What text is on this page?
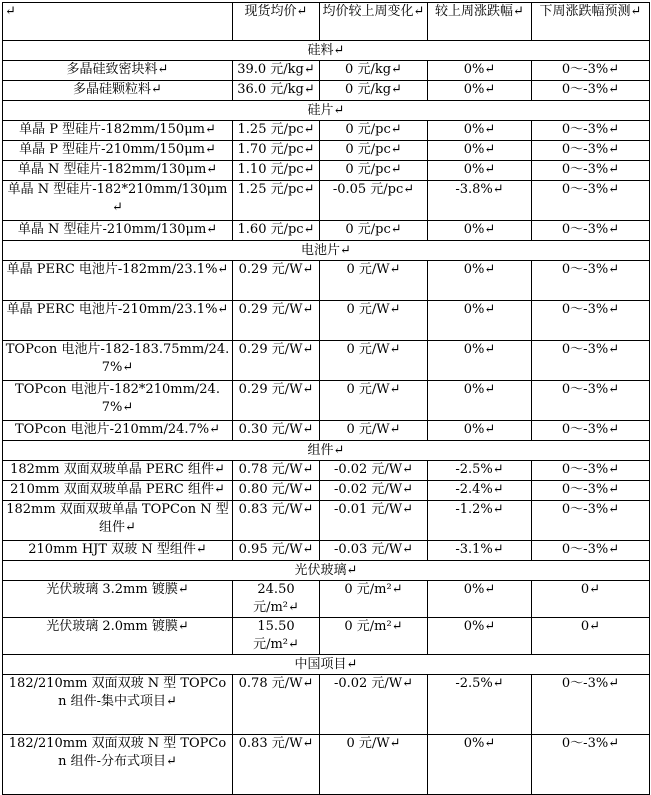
↵	现货均价↵	均价较上周变化↵	较上周涨跌幅↵	下周涨跌幅预测↵
硅料↵				
多晶硅致密块料↵	39.0 元/kg↵	0 元/kg↵	0%↵	0～-3%↵
多晶硅颗粒料↵	36.0 元/kg↵	0 元/kg↵	0%↵	0～-3%↵
硅片↵				
单晶 P 型硅片-182mm/150μm↵	1.25 元/pc↵	0 元/pc↵	0%↵	0～-3%↵
单晶 P 型硅片-210mm/150μm↵	1.70 元/pc↵	0 元/pc↵	0%↵	0～-3%↵
单晶 N 型硅片-182mm/130μm↵	1.10 元/pc↵	0 元/pc↵	0%↵	0～-3%↵
单晶 N 型硅片-182*210mm/130μm↵	1.25 元/pc↵	-0.05 元/pc↵	-3.8%↵	0～-3%↵
单晶 N 型硅片-210mm/130μm↵	1.60 元/pc↵	0 元/pc↵	0%↵	0～-3%↵
电池片↵				
单晶 PERC 电池片-182mm/23.1%↵	0.29 元/W↵	0 元/W↵	0%↵	0～-3%↵
单晶 PERC 电池片-210mm/23.1%↵	0.29 元/W↵	0 元/W↵	0%↵	0～-3%↵
TOPcon 电池片-182-183.75mm/24.7%↵	0.29 元/W↵	0 元/W↵	0%↵	0～-3%↵
TOPcon 电池片-182*210mm/24.7%↵	0.29 元/W↵	0 元/W↵	0%↵	0～-3%↵
TOPcon 电池片-210mm/24.7%↵	0.30 元/W↵	0 元/W↵	0%↵	0～-3%↵
组件↵				
182mm 双面双玻单晶 PERC 组件↵	0.78 元/W↵	-0.02 元/W↵	-2.5%↵	0～-3%↵
210mm 双面双玻单晶 PERC 组件↵	0.80 元/W↵	-0.02 元/W↵	-2.4%↵	0～-3%↵
182mm 双面双玻单晶 TOPCon N 型组件↵	0.83 元/W↵	-0.01 元/W↵	-1.2%↵	0～-3%↵
210mm HJT 双玻 N 型组件↵	0.95 元/W↵	-0.03 元/W↵	-3.1%↵	0～-3%↵
光伏玻璃↵				
光伏玻璃 3.2mm 镀膜↵	24.50 元/m²↵	0 元/m²↵	0%↵	0↵
光伏玻璃 2.0mm 镀膜↵	15.50 元/m²↵	0 元/m²↵	0%↵	0↵
中国项目↵				
182/210mm 双面双玻 N 型 TOPCon 组件-集中式项目↵	0.78 元/W↵	-0.02 元/W↵	-2.5%↵	0～-3%↵
182/210mm 双面双玻 N 型 TOPCon 组件-分布式项目↵	0.83 元/W↵	0 元/W↵	0%↵	0～-3%↵
